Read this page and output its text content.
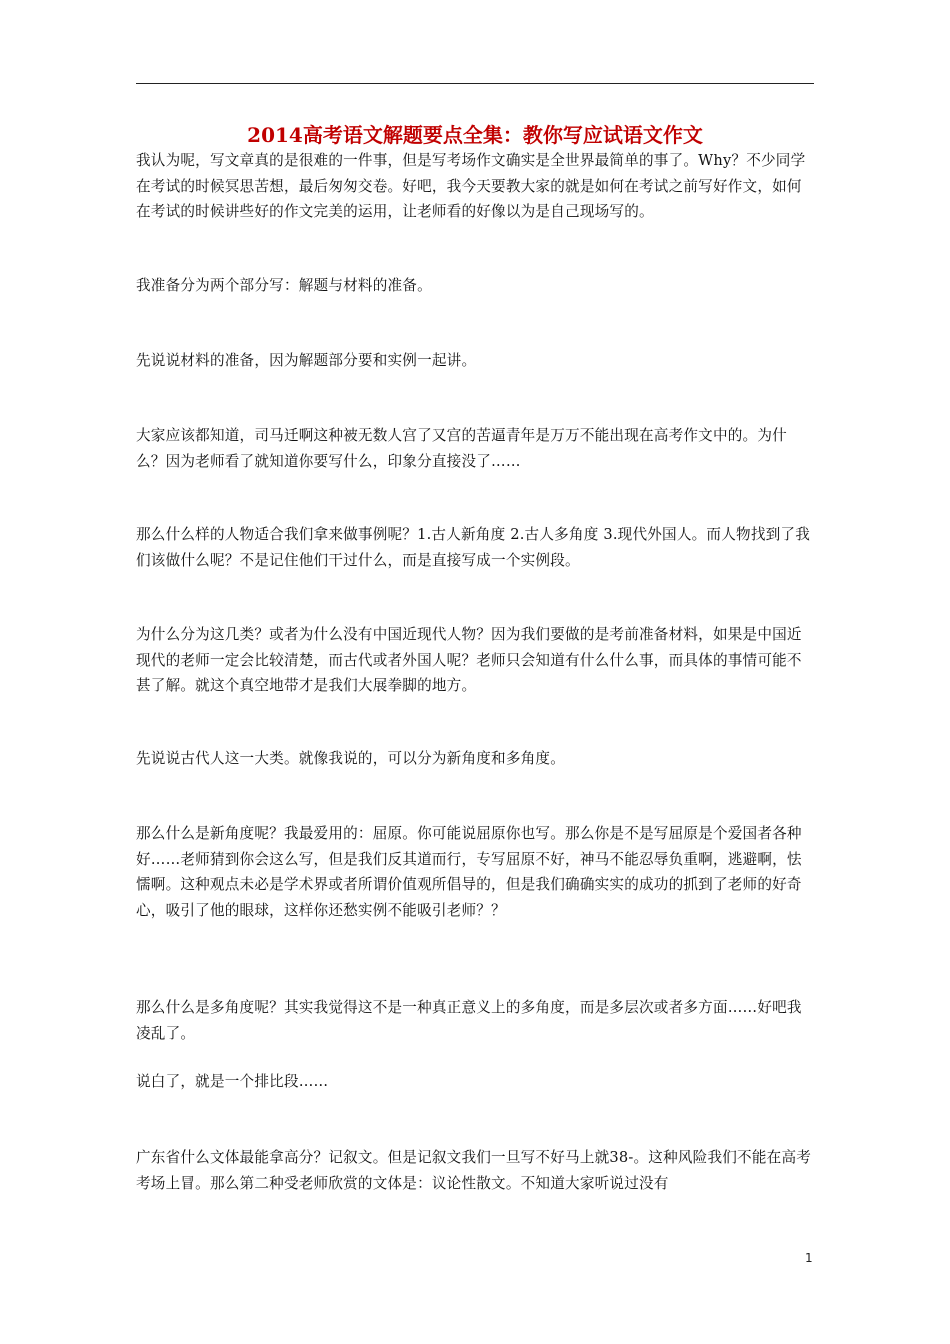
2014高考语文解题要点全集：教你写应试语文作文

我认为呢，写文章真的是很难的一件事，但是写考场作文确实是全世界最简单的事了。Why？不少同学在考试的时候冥思苦想，最后匆匆交卷。好吧，我今天要教大家的就是如何在考试之前写好作文，如何在考试的时候讲些好的作文完美的运用，让老师看的好像以为是自己现场写的。

我准备分为两个部分写：解题与材料的准备。

先说说材料的准备，因为解题部分要和实例一起讲。

大家应该都知道，司马迁啊这种被无数人宫了又宫的苦逼青年是万万不能出现在高考作文中的。为什么？因为老师看了就知道你要写什么，印象分直接没了……

那么什么样的人物适合我们拿来做事例呢？1.古人新角度 2.古人多角度 3.现代外国人。而人物找到了我们该做什么呢？不是记住他们干过什么，而是直接写成一个实例段。

为什么分为这几类？或者为什么没有中国近现代人物？因为我们要做的是考前准备材料，如果是中国近现代的老师一定会比较清楚，而古代或者外国人呢？老师只会知道有什么什么事，而具体的事情可能不甚了解。就这个真空地带才是我们大展拳脚的地方。

先说说古代人这一大类。就像我说的，可以分为新角度和多角度。

那么什么是新角度呢？我最爱用的：屈原。你可能说屈原你也写。那么你是不是写屈原是个爱国者各种好……老师猜到你会这么写，但是我们反其道而行，专写屈原不好，神马不能忍辱负重啊，逃避啊，怯懦啊。这种观点未必是学术界或者所谓价值观所倡导的，但是我们确确实实的成功的抓到了老师的好奇心，吸引了他的眼球，这样你还愁实例不能吸引老师？？

那么什么是多角度呢？其实我觉得这不是一种真正意义上的多角度，而是多层次或者多方面……好吧我凌乱了。

说白了，就是一个排比段……

广东省什么文体最能拿高分？记叙文。但是记叙文我们一旦写不好马上就38-。这种风险我们不能在高考考场上冒。那么第二种受老师欣赏的文体是：议论性散文。不知道大家听说过没有

1
